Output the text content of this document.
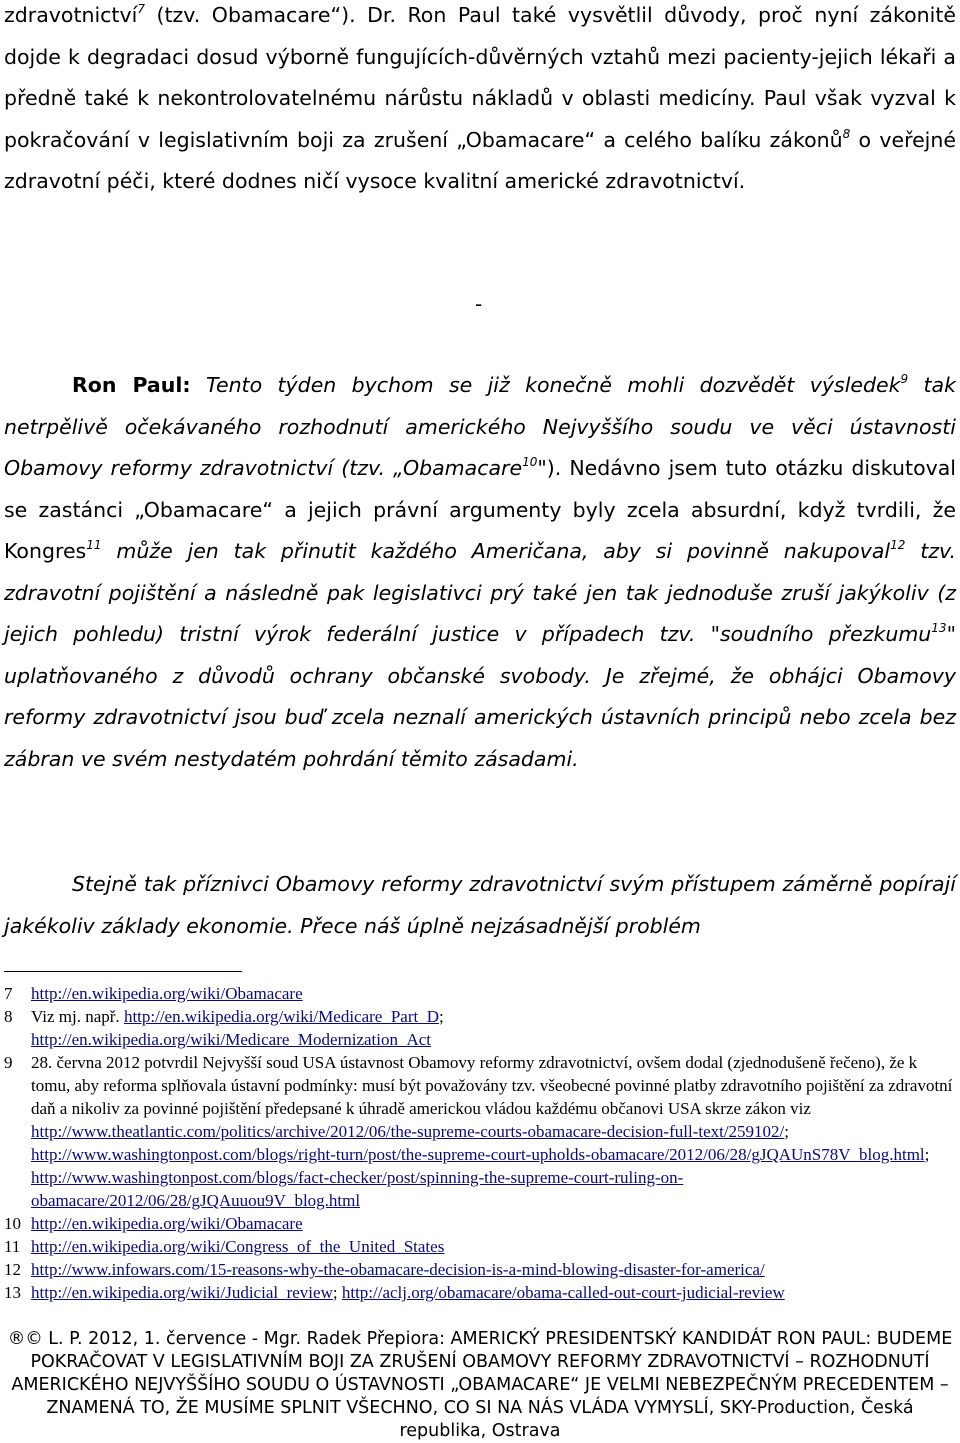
zdravotnictví$^7$ (tzv. Obamacare“). Dr. Ron Paul také vysvětlil důvody, proč nyní zákonitě dojde k degradaci dosud výborně fungujících-důvěrných vztahů mezi pacienty-jejich lékaři a předně také k nekontrolovatelnému nárůstu nákladů v oblasti medicíny. Paul však vyzval k pokračování v legislativním boji za zrušení „Obamacare“ a celého balíku zákonů$^8$ o veřejné zdravotní péči, které dodnes ničí vysoce kvalitní americké zdravotnictví.

-

Ron Paul: Tento týden bychom se již konečně mohli dozvědět výsledek$^9$ tak netrpělivě očekávaného rozhodnutí amerického Nejvyššího soudu ve věci ústavnosti Obamovy reformy zdravotnictví (tzv. „Obamacare$^{10}$"). Nedávno jsem tuto otázku diskutoval se zastánci „Obamacare“ a jejich právní argumenty byly zcela absurdní, když tvrdili, že Kongres$^{11}$ může jen tak přinutit každého Američana, aby si povinně nakupoval$^{12}$ tzv. zdravotní pojištění a následně pak legislativci prý také jen tak jednoduše zruší jakýkoliv (z jejich pohledu) tristní výrok federální justice v případech tzv. "soudního přezkumu$^{13}$" uplatňovaného z důvodů ochrany občanské svobody. Je zřejmé, že obhájci Obamovy reformy zdravotnictví jsou buď zcela neznalí amerických ústavních principů nebo zcela bez zábran ve svém nestydatém pohrdání těmito zásadami.

Stejně tak příznivci Obamovy reformy zdravotnictví svým přístupem záměrně popírají jakékoliv základy ekonomie. Přece náš úplně nejzásadnější problém

7	http://en.wikipedia.org/wiki/Obamacare
8	Viz mj. např. http://en.wikipedia.org/wiki/Medicare_Part_D;
http://en.wikipedia.org/wiki/Medicare_Modernization_Act
9	28. června 2012 potvrdil Nejvyšší soud USA ústavnost Obamovy reformy zdravotnictví, ovšem dodal (zjednodušeně řečeno), že k tomu, aby reforma splňovala ústavní podmínky: musí být považovány tzv. všeobecné povinné platby zdravotního pojištění za zdravotní daň a nikoliv za povinné pojištění předepsané k úhradě americkou vládou každému občanovi USA skrze zákon viz http://www.theatlantic.com/politics/archive/2012/06/the-supreme-courts-obamacare-decision-full-text/259102/; http://www.washingtonpost.com/blogs/right-turn/post/the-supreme-court-upholds-obamacare/2012/06/28/gJQAUnS78V_blog.html; http://www.washingtonpost.com/blogs/fact-checker/post/spinning-the-supreme-court-ruling-on-obamacare/2012/06/28/gJQAuuou9V_blog.html
10 http://en.wikipedia.org/wiki/Obamacare
11 http://en.wikipedia.org/wiki/Congress_of_the_United_States
12 http://www.infowars.com/15-reasons-why-the-obamacare-decision-is-a-mind-blowing-disaster-for-america/
13 http://en.wikipedia.org/wiki/Judicial_review; http://aclj.org/obamacare/obama-called-out-court-judicial-review
®© L. P. 2012, 1. července - Mgr. Radek Přepiora: AMERICKÝ PRESIDENTSKÝ KANDIDÁT RON PAUL: BUDEME POKRAČOVAT V LEGISLATIVNÍM BOJI ZA ZRUŠENÍ OBAMOVY REFORMY ZDRAVOTNICTVÍ – ROZHODNUTÍ AMERICKÉHO NEJVYŠŠÍHO SOUDU O ÚSTAVNOSTI „OBAMACARE“ JE VELMI NEBEZPEČNÝM PRECEDENTEM – ZNAMENÁ TO, ŽE MUSÍME SPLNIT VŠECHNO, CO SI NA NÁS VLÁDA VYMYSLÍ, SKY-Production, Česká republika, Ostrava
